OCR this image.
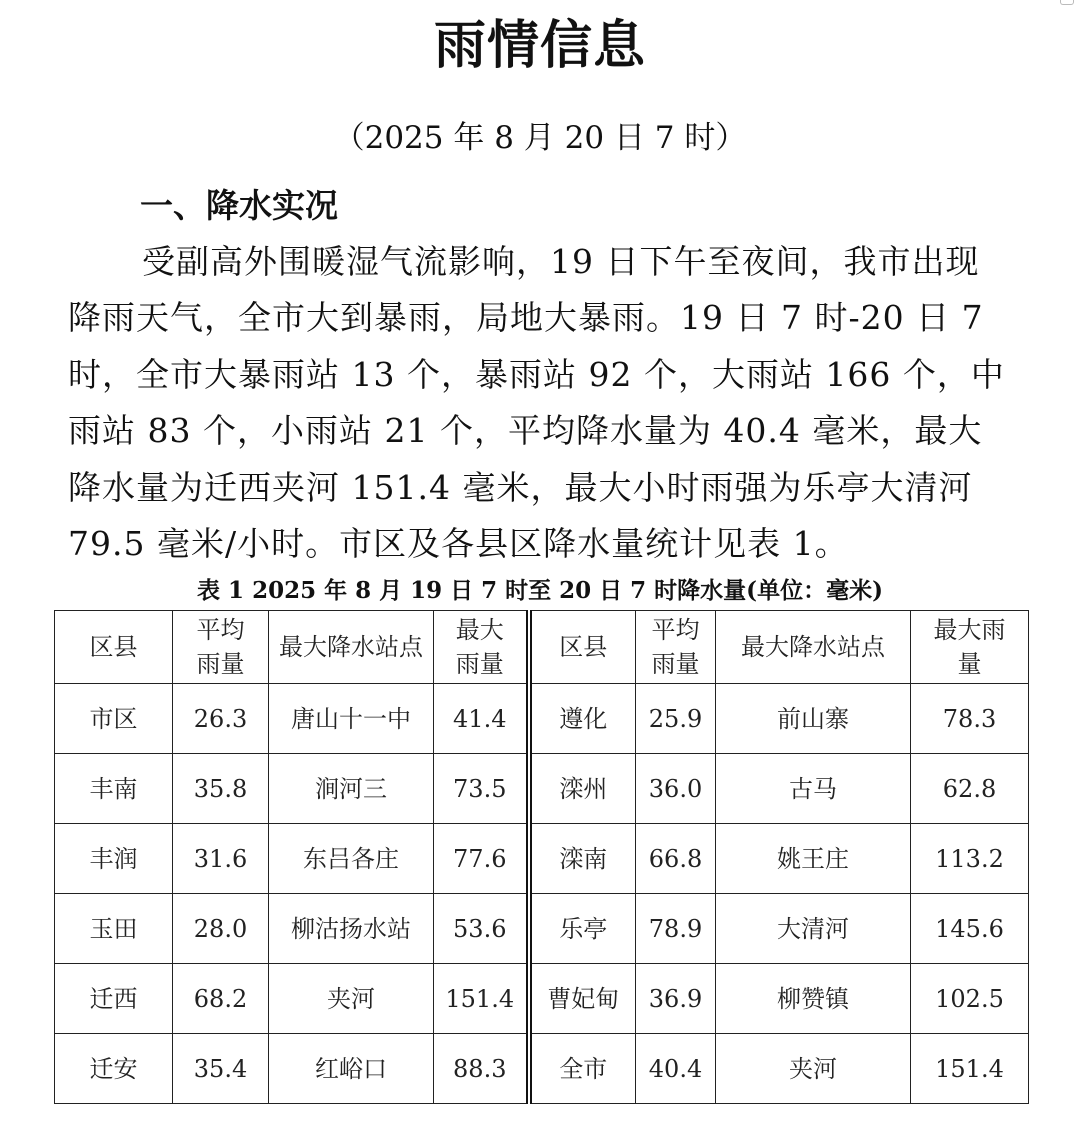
雨情信息
（2025 年 8 月 20 日 7 时）
一、降水实况
受副高外围暖湿气流影响，19 日下午至夜间，我市出现
降雨天气，全市大到暴雨，局地大暴雨。19 日 7 时-20 日 7
时，全市大暴雨站 13 个，暴雨站 92 个，大雨站 166 个，中
雨站 83 个，小雨站 21 个，平均降水量为 40.4 毫米，最大
降水量为迁西夹河 151.4 毫米，最大小时雨强为乐亭大清河
79.5 毫米/小时。市区及各县区降水量统计见表 1。
表 1 2025 年 8 月 19 日 7 时至 20 日 7 时降水量(单位：毫米)
区县	平均雨量	最大降水站点	最大雨量	区县	平均雨量	最大降水站点	最大雨量
市区	26.3	唐山十一中	41.4	遵化	25.9	前山寨	78.3
丰南	35.8	涧河三	73.5	滦州	36.0	古马	62.8
丰润	31.6	东吕各庄	77.6	滦南	66.8	姚王庄	113.2
玉田	28.0	柳沽扬水站	53.6	乐亭	78.9	大清河	145.6
迁西	68.2	夹河	151.4	曹妃甸	36.9	柳赞镇	102.5
迁安	35.4	红峪口	88.3	全市	40.4	夹河	151.4
